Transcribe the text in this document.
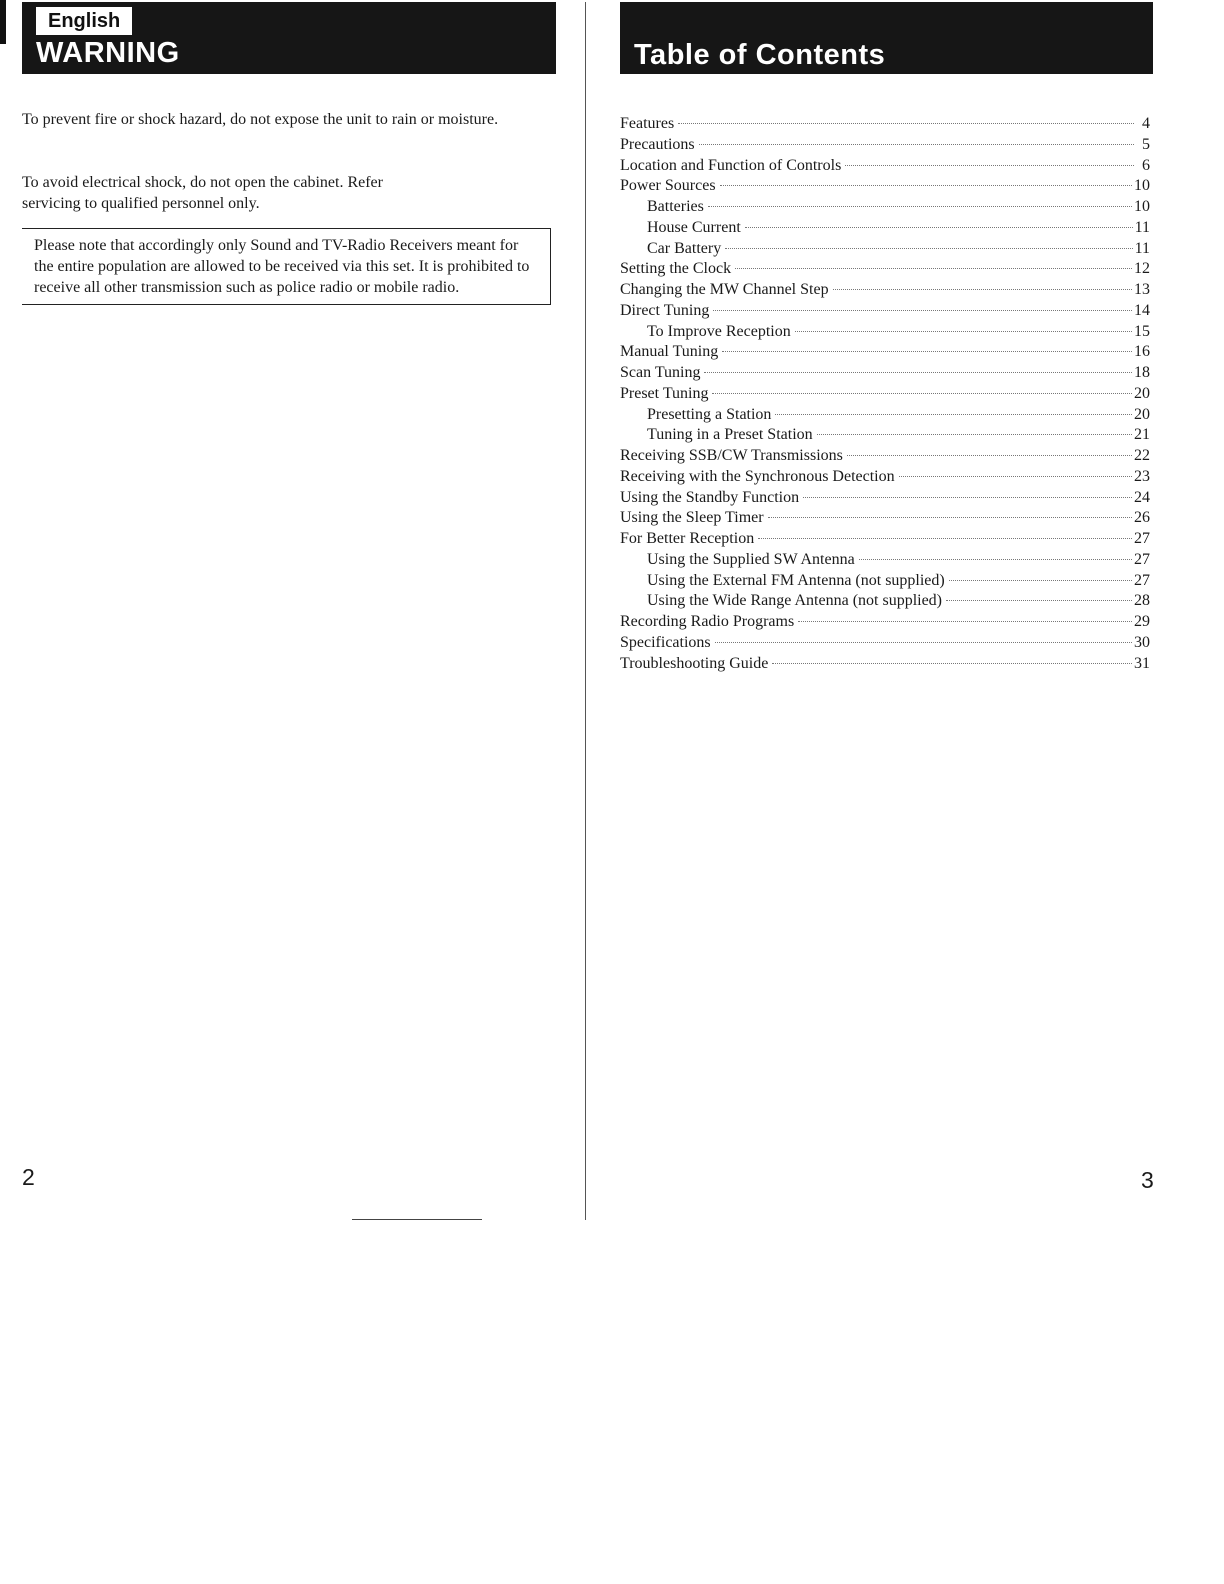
English
WARNING

To prevent fire or shock hazard, do not expose the unit to rain or moisture.

To avoid electrical shock, do not open the cabinet. Refer servicing to qualified personnel only.

Please note that accordingly only Sound and TV-Radio Receivers meant for the entire population are allowed to be received via this set. It is prohibited to receive all other transmission such as police radio or mobile radio.
2
Table of Contents
Features	4
Precautions	5
Location and Function of Controls	6
Power Sources	10
Batteries	10
House Current	11
Car Battery	11
Setting the Clock	12
Changing the MW Channel Step	13
Direct Tuning	14
To Improve Reception	15
Manual Tuning	16
Scan Tuning	18
Preset Tuning	20
Presetting a Station	20
Tuning in a Preset Station	21
Receiving SSB/CW Transmissions	22
Receiving with the Synchronous Detection	23
Using the Standby Function	24
Using the Sleep Timer	26
For Better Reception	27
Using the Supplied SW Antenna	27
Using the External FM Antenna (not supplied)	27
Using the Wide Range Antenna (not supplied)	28
Recording Radio Programs	29
Specifications	30
Troubleshooting Guide	31
3
